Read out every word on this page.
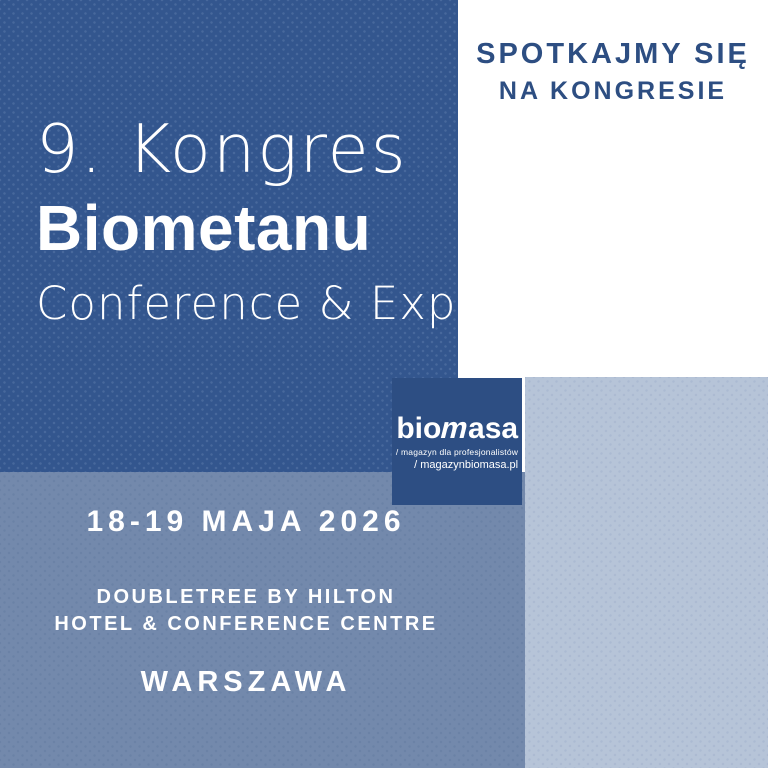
SPOTKAJMY SIĘ
NA KONGRESIE
9. Kongres
Biometanu
Conference & Expo
biomasa
/ magazyn dla profesjonalistów
/ magazynbiomasa.pl
18-19 MAJA 2026
DOUBLETREE BY HILTON
HOTEL & CONFERENCE CENTRE
WARSZAWA
